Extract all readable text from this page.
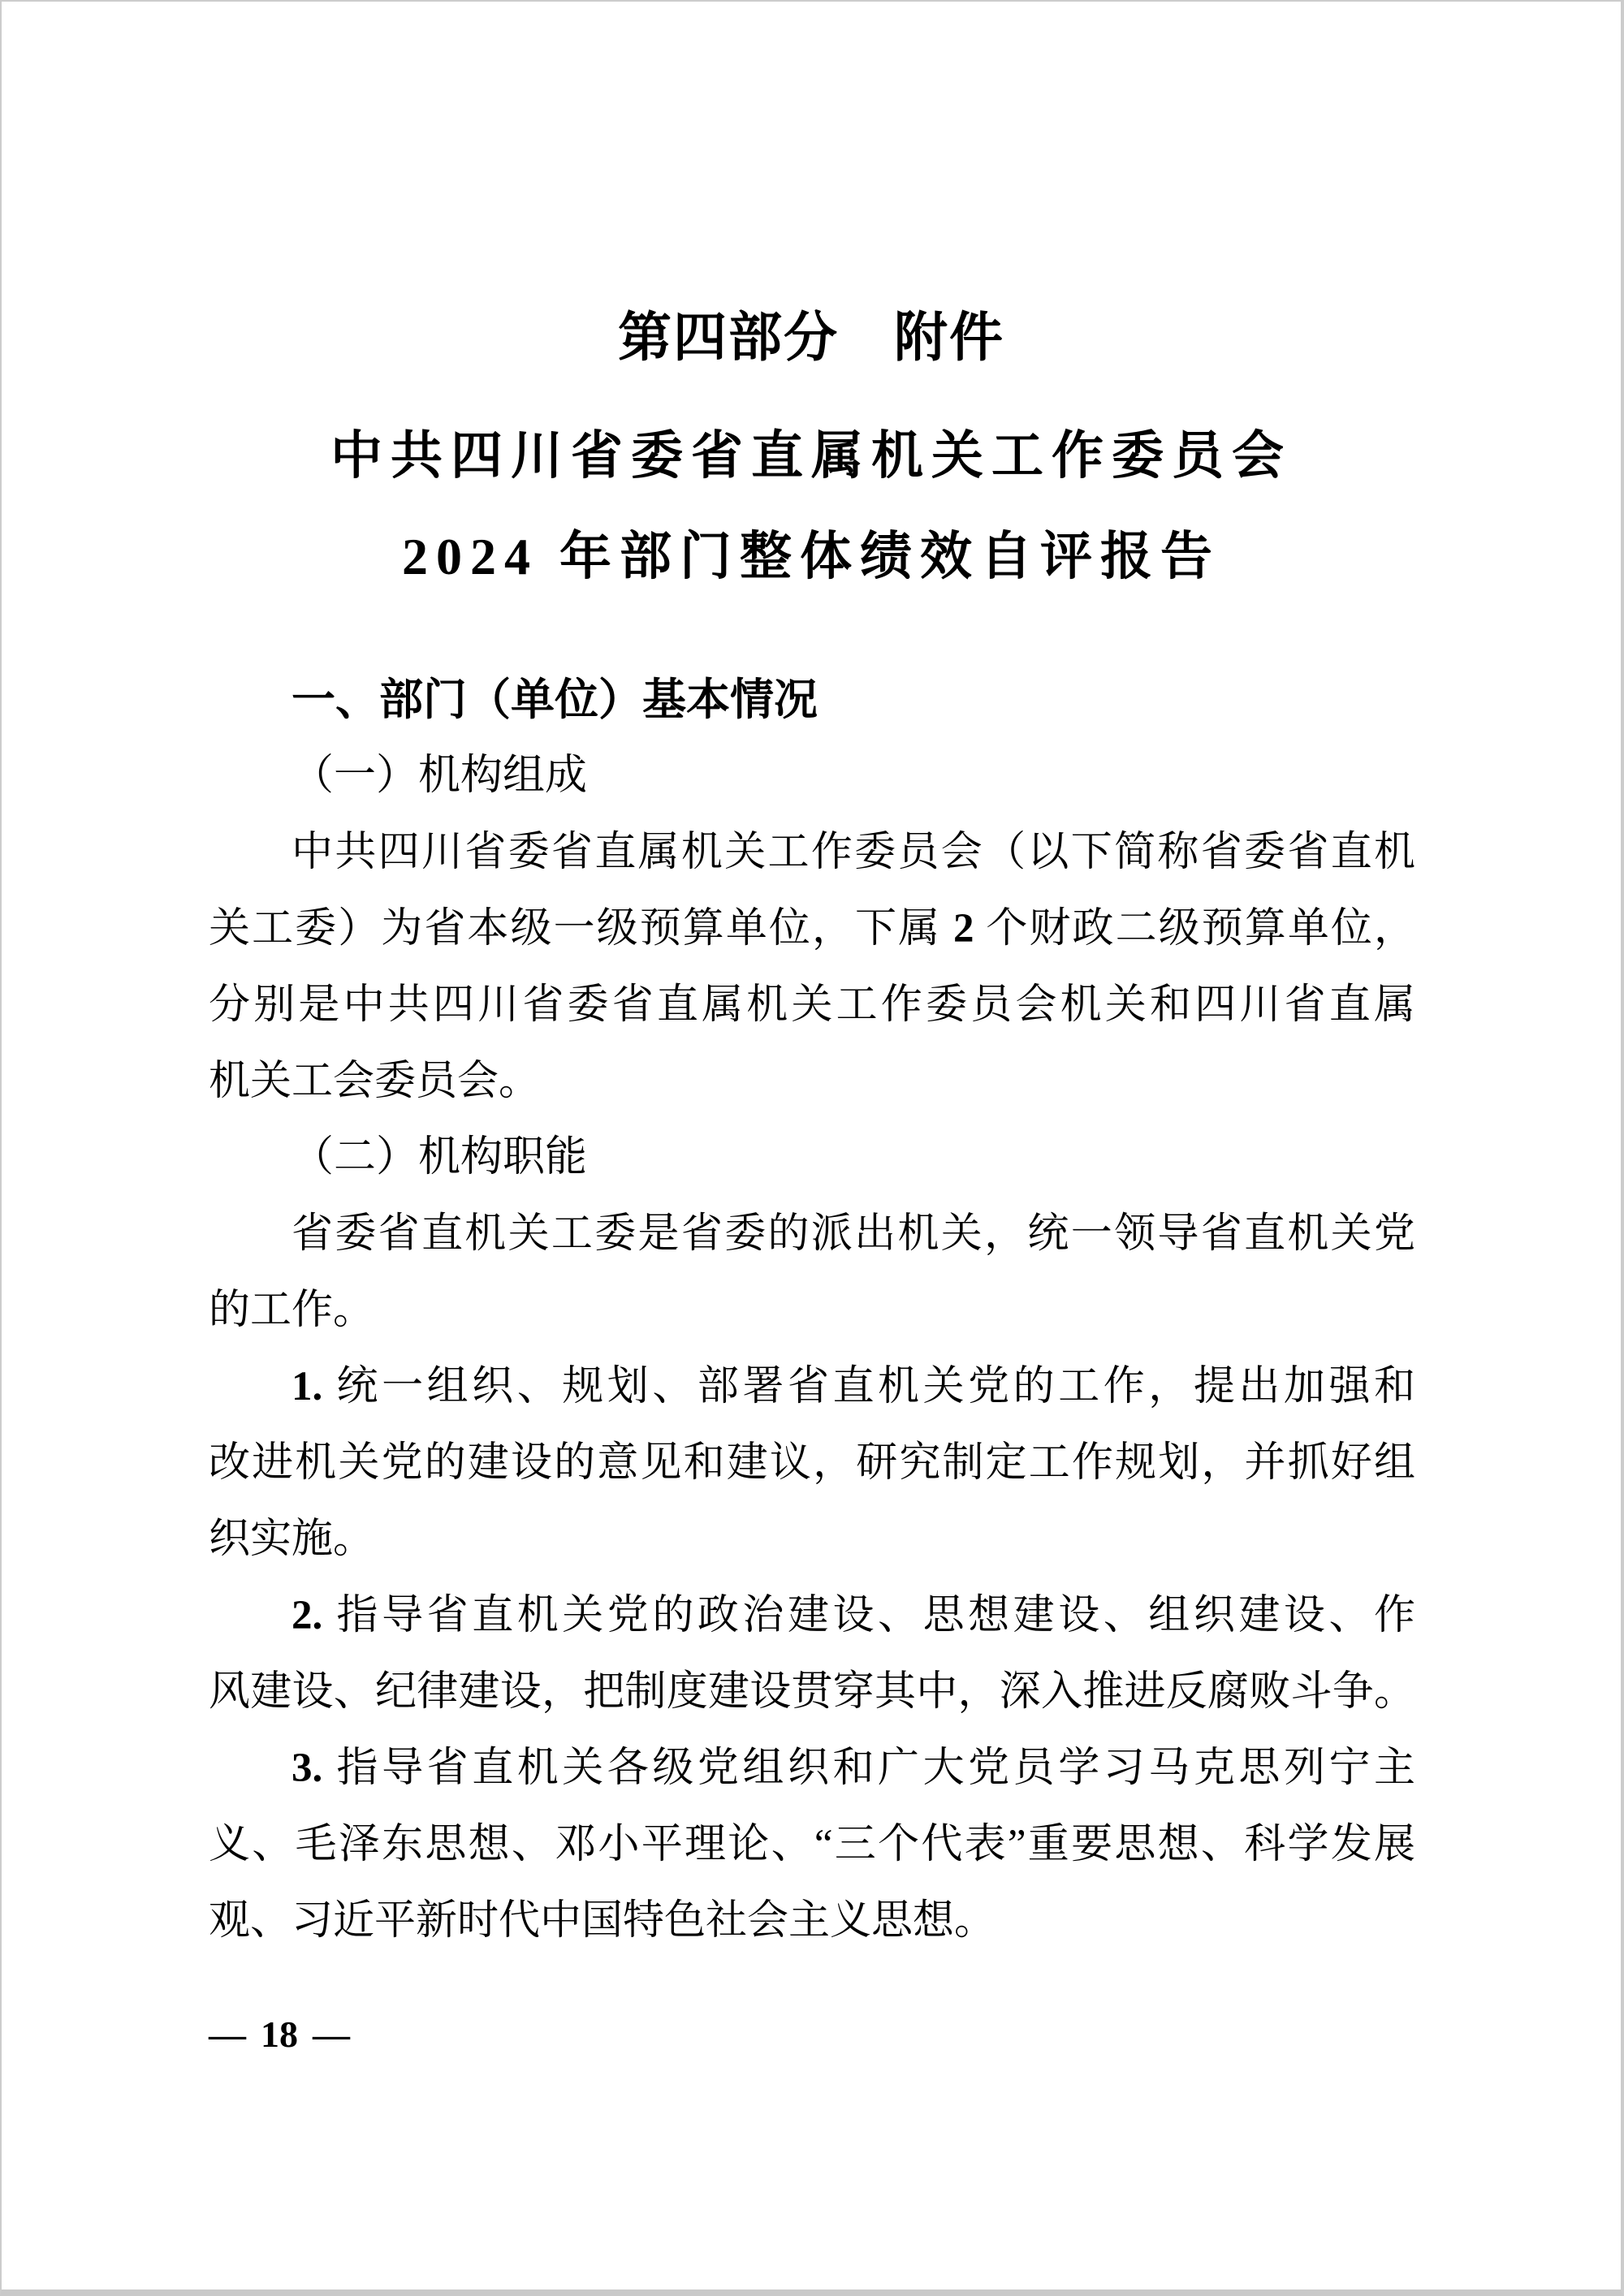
第四部分　附件
中共四川省委省直属机关工作委员会
2024 年部门整体绩效自评报告
一、部门（单位）基本情况
（一）机构组成
中共四川省委省直属机关工作委员会（以下简称省委省直机
关工委）为省本级一级预算单位，下属 2 个财政二级预算单位，
分别是中共四川省委省直属机关工作委员会机关和四川省直属
机关工会委员会。
（二）机构职能
省委省直机关工委是省委的派出机关，统一领导省直机关党
的工作。
1. 统一组织、规划、部署省直机关党的工作，提出加强和
改进机关党的建设的意见和建议，研究制定工作规划，并抓好组
织实施。
2. 指导省直机关党的政治建设、思想建设、组织建设、作
风建设、纪律建设，把制度建设贯穿其中，深入推进反腐败斗争。
3. 指导省直机关各级党组织和广大党员学习马克思列宁主
义、毛泽东思想、邓小平理论、“三个代表”重要思想、科学发展
观、习近平新时代中国特色社会主义思想。
— 18 —
